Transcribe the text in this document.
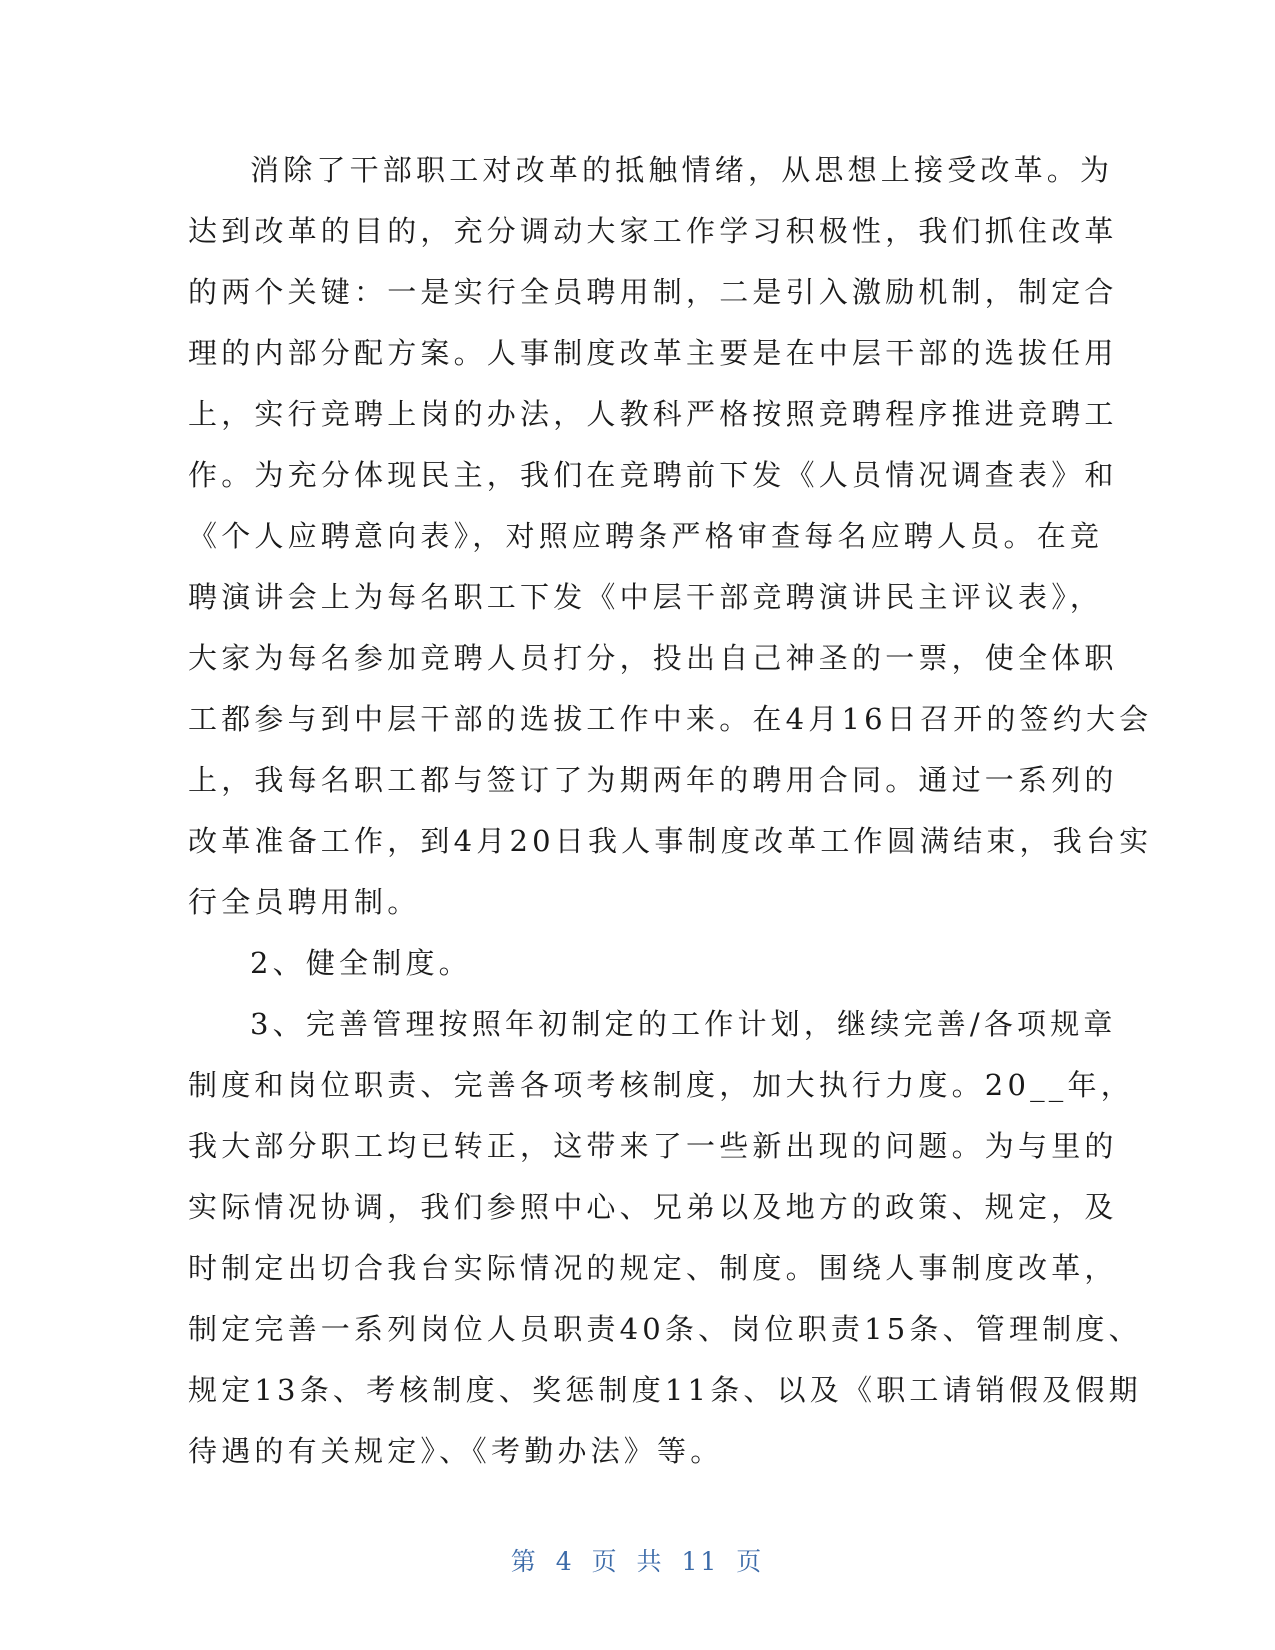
消除了干部职工对改革的抵触情绪，从思想上接受改革。为
达到改革的目的，充分调动大家工作学习积极性，我们抓住改革
的两个关键：一是实行全员聘用制，二是引入激励机制，制定合
理的内部分配方案。人事制度改革主要是在中层干部的选拔任用
上，实行竞聘上岗的办法，人教科严格按照竞聘程序推进竞聘工
作。为充分体现民主，我们在竞聘前下发《人员情况调查表》和
《个人应聘意向表》，对照应聘条严格审查每名应聘人员。在竞
聘演讲会上为每名职工下发《中层干部竞聘演讲民主评议表》，
大家为每名参加竞聘人员打分，投出自己神圣的一票，使全体职
工都参与到中层干部的选拔工作中来。在4月16日召开的签约大会
上，我每名职工都与签订了为期两年的聘用合同。通过一系列的
改革准备工作，到4月20日我人事制度改革工作圆满结束，我台实
行全员聘用制。
2、健全制度。
3、完善管理按照年初制定的工作计划，继续完善/各项规章
制度和岗位职责、完善各项考核制度，加大执行力度。20__年，
我大部分职工均已转正，这带来了一些新出现的问题。为与里的
实际情况协调，我们参照中心、兄弟以及地方的政策、规定，及
时制定出切合我台实际情况的规定、制度。围绕人事制度改革，
制定完善一系列岗位人员职责40条、岗位职责15条、管理制度、
规定13条、考核制度、奖惩制度11条、以及《职工请销假及假期
待遇的有关规定》、《考勤办法》等。
第 4 页 共 11 页
